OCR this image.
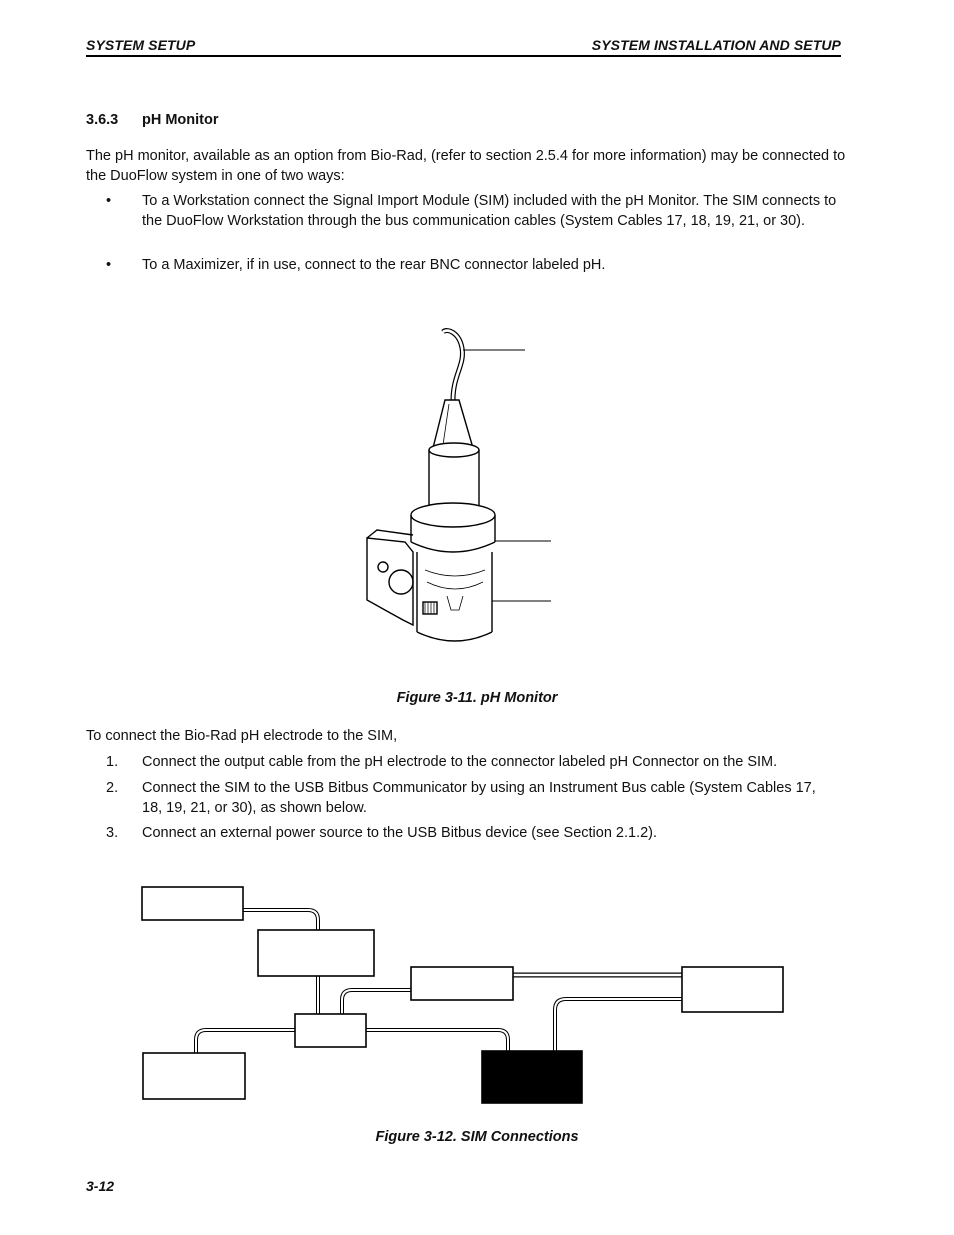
SYSTEM SETUP	SYSTEM INSTALLATION AND SETUP
3.6.3 pH Monitor
The pH monitor, available as an option from Bio-Rad, (refer to section 2.5.4 for more information) may be connected to the DuoFlow system in one of two ways:
• To a Workstation connect the Signal Import Module (SIM) included with the pH Monitor. The SIM connects to the DuoFlow Workstation through the bus communication cables (System Cables 17, 18, 19, 21, or 30).
• To a Maximizer, if in use, connect to the rear BNC connector labeled pH.
Figure 3-11. pH Monitor
To connect the Bio-Rad pH electrode to the SIM,
1. Connect the output cable from the pH electrode to the connector labeled pH Connector on the SIM.
2. Connect the SIM to the USB Bitbus Communicator by using an Instrument Bus cable (System Cables 17, 18, 19, 21, or 30), as shown below.
3. Connect an external power source to the USB Bitbus device (see Section 2.1.2).
Figure 3-12. SIM Connections
3-12
